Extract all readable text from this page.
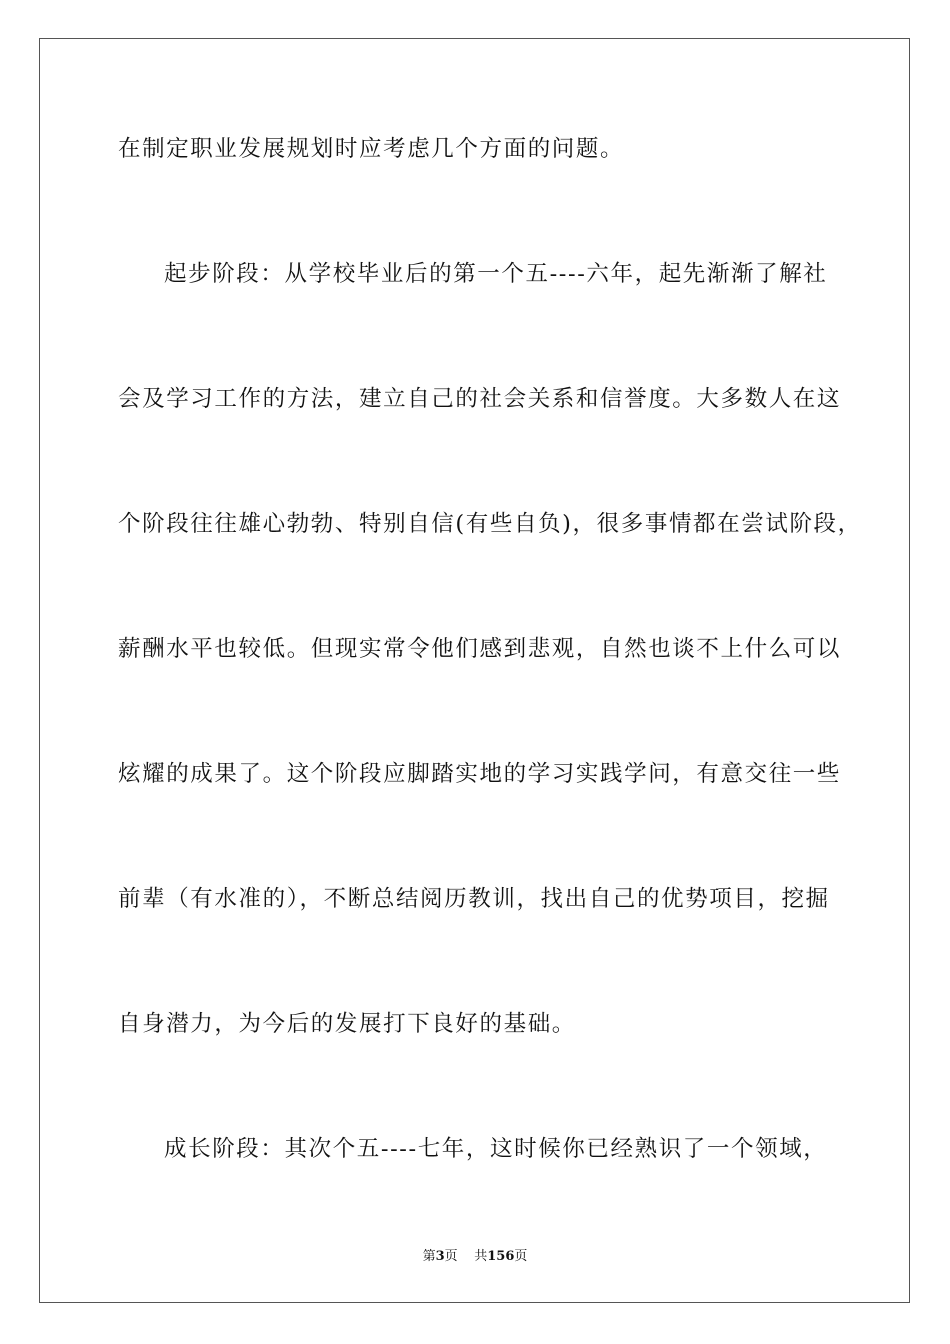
在制定职业发展规划时应考虑几个方面的问题。
起步阶段：从学校毕业后的第一个五----六年，起先渐渐了解社
会及学习工作的方法，建立自己的社会关系和信誉度。大多数人在这
个阶段往往雄心勃勃、特别自信(有些自负)，很多事情都在尝试阶段，
薪酬水平也较低。但现实常令他们感到悲观，自然也谈不上什么可以
炫耀的成果了。这个阶段应脚踏实地的学习实践学问，有意交往一些
前辈（有水准的），不断总结阅历教训，找出自己的优势项目，挖掘
自身潜力，为今后的发展打下良好的基础。
成长阶段：其次个五----七年，这时候你已经熟识了一个领域，
第3页 共156页
